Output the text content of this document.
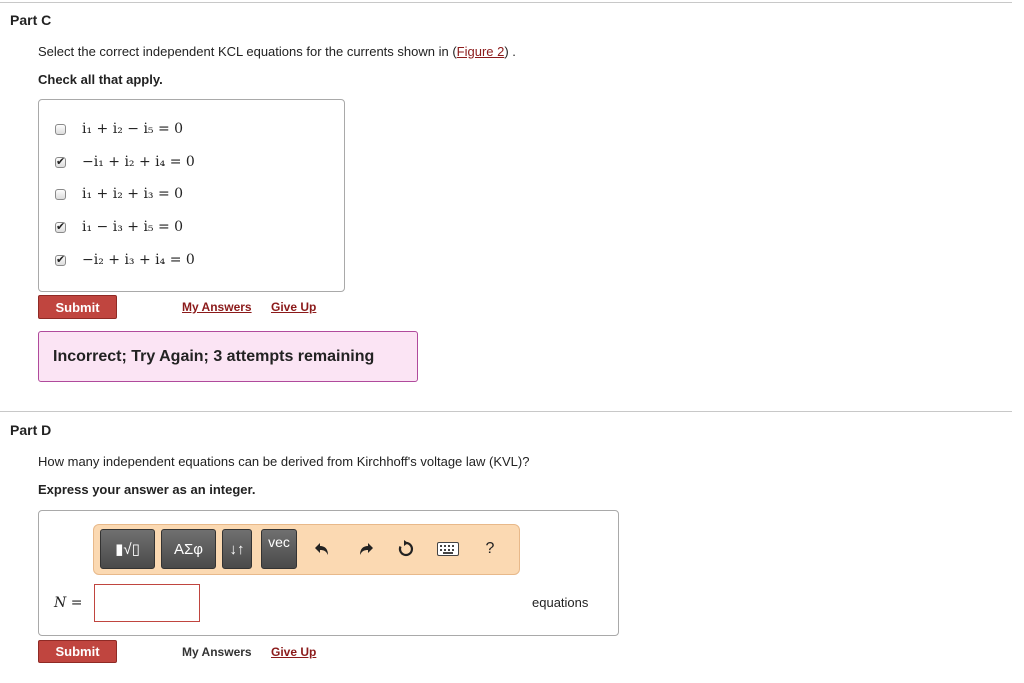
Part C
Select the correct independent KCL equations for the currents shown in (Figure 2) .
Check all that apply.
i₁ + i₂ − i₅ = 0
✔
−i₁ + i₂ + i₄ = 0
i₁ + i₂ + i₃ = 0
✔
i₁ − i₃ + i₅ = 0
✔
−i₂ + i₃ + i₄ = 0
Submit	My Answers Give Up
Incorrect; Try Again; 3 attempts remaining
Part D
How many independent equations can be derived from Kirchhoff's voltage law (KVL)?
Express your answer as an integer.
▮√▯	ΑΣφ	↓↑	vec	?
N =	equations
Submit	My Answers Give Up
